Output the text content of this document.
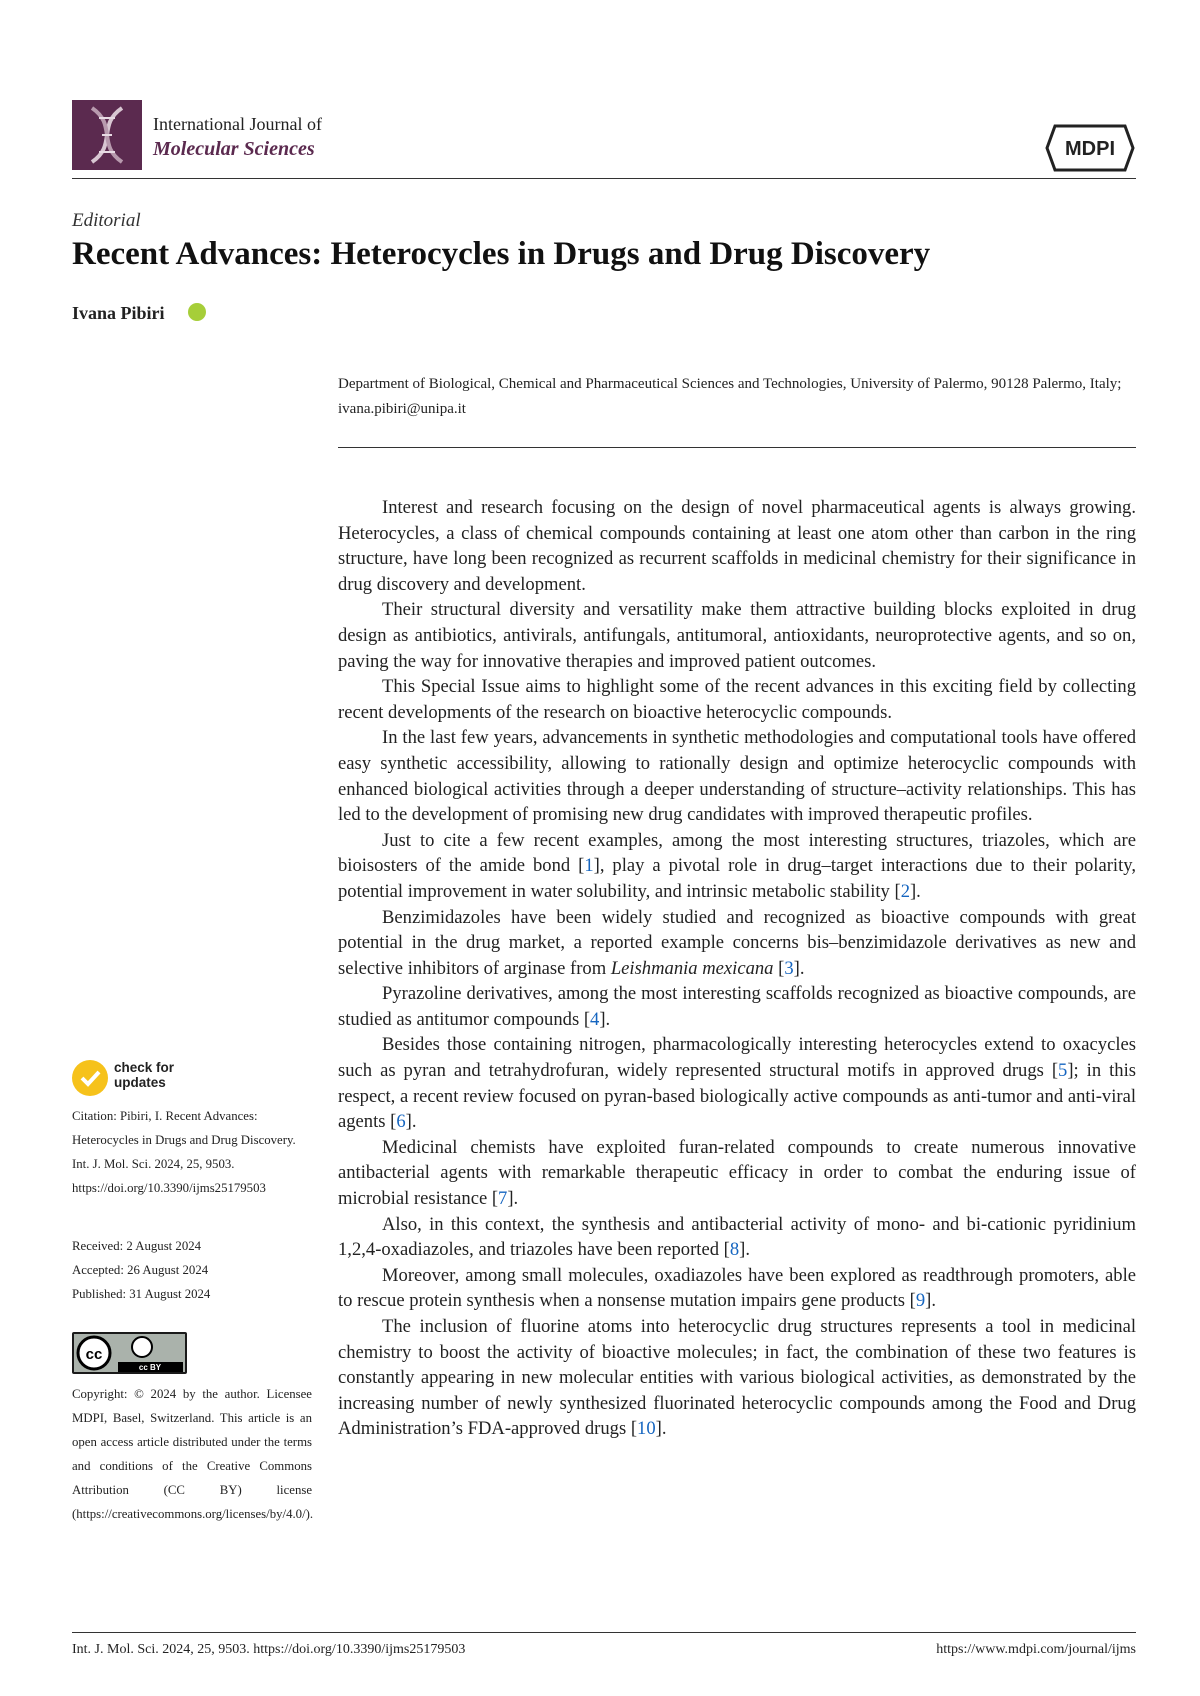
International Journal of
Molecular Sciences	MDPI
Editorial
Recent Advances: Heterocycles in Drugs and Drug Discovery
Ivana Pibiri
Department of Biological, Chemical and Pharmaceutical Sciences and Technologies, University of Palermo, 90128 Palermo, Italy; ivana.pibiri@unipa.it

Interest and research focusing on the design of novel pharmaceutical agents is always growing. Heterocycles, a class of chemical compounds containing at least one atom other than carbon in the ring structure, have long been recognized as recurrent scaffolds in medicinal chemistry for their significance in drug discovery and development.

Their structural diversity and versatility make them attractive building blocks exploited in drug design as antibiotics, antivirals, antifungals, antitumoral, antioxidants, neuroprotective agents, and so on, paving the way for innovative therapies and improved patient outcomes.

This Special Issue aims to highlight some of the recent advances in this exciting field by collecting recent developments of the research on bioactive heterocyclic compounds.

In the last few years, advancements in synthetic methodologies and computational tools have offered easy synthetic accessibility, allowing to rationally design and optimize heterocyclic compounds with enhanced biological activities through a deeper understanding of structure–activity relationships. This has led to the development of promising new drug candidates with improved therapeutic profiles.

Just to cite a few recent examples, among the most interesting structures, triazoles, which are bioisosters of the amide bond [1], play a pivotal role in drug–target interactions due to their polarity, potential improvement in water solubility, and intrinsic metabolic stability [2].

Benzimidazoles have been widely studied and recognized as bioactive compounds with great potential in the drug market, a reported example concerns bis–benzimidazole derivatives as new and selective inhibitors of arginase from Leishmania mexicana [3].

Pyrazoline derivatives, among the most interesting scaffolds recognized as bioactive compounds, are studied as antitumor compounds [4].

Besides those containing nitrogen, pharmacologically interesting heterocycles extend to oxacycles such as pyran and tetrahydrofuran, widely represented structural motifs in approved drugs [5]; in this respect, a recent review focused on pyran-based biologically active compounds as anti-tumor and anti-viral agents [6].

Medicinal chemists have exploited furan-related compounds to create numerous innovative antibacterial agents with remarkable therapeutic efficacy in order to combat the enduring issue of microbial resistance [7].

Also, in this context, the synthesis and antibacterial activity of mono- and bi-cationic pyridinium 1,2,4-oxadiazoles, and triazoles have been reported [8].

Moreover, among small molecules, oxadiazoles have been explored as readthrough promoters, able to rescue protein synthesis when a nonsense mutation impairs gene products [9].

The inclusion of fluorine atoms into heterocyclic drug structures represents a tool in medicinal chemistry to boost the activity of bioactive molecules; in fact, the combination of these two features is constantly appearing in new molecular entities with various biological activities, as demonstrated by the increasing number of newly synthesized fluorinated heterocyclic compounds among the Food and Drug Administration’s FDA-approved drugs [10].

check for updates
Citation: Pibiri, I. Recent Advances: Heterocycles in Drugs and Drug Discovery. Int. J. Mol. Sci. 2024, 25, 9503. https://doi.org/10.3390/ijms25179503
Received: 2 August 2024
Accepted: 26 August 2024
Published: 31 August 2024
cc
cc BY
Copyright: © 2024 by the author. Licensee MDPI, Basel, Switzerland. This article is an open access article distributed under the terms and conditions of the Creative Commons Attribution (CC BY) license (https://creativecommons.org/licenses/by/4.0/).
Int. J. Mol. Sci. 2024, 25, 9503. https://doi.org/10.3390/ijms25179503	https://www.mdpi.com/journal/ijms
